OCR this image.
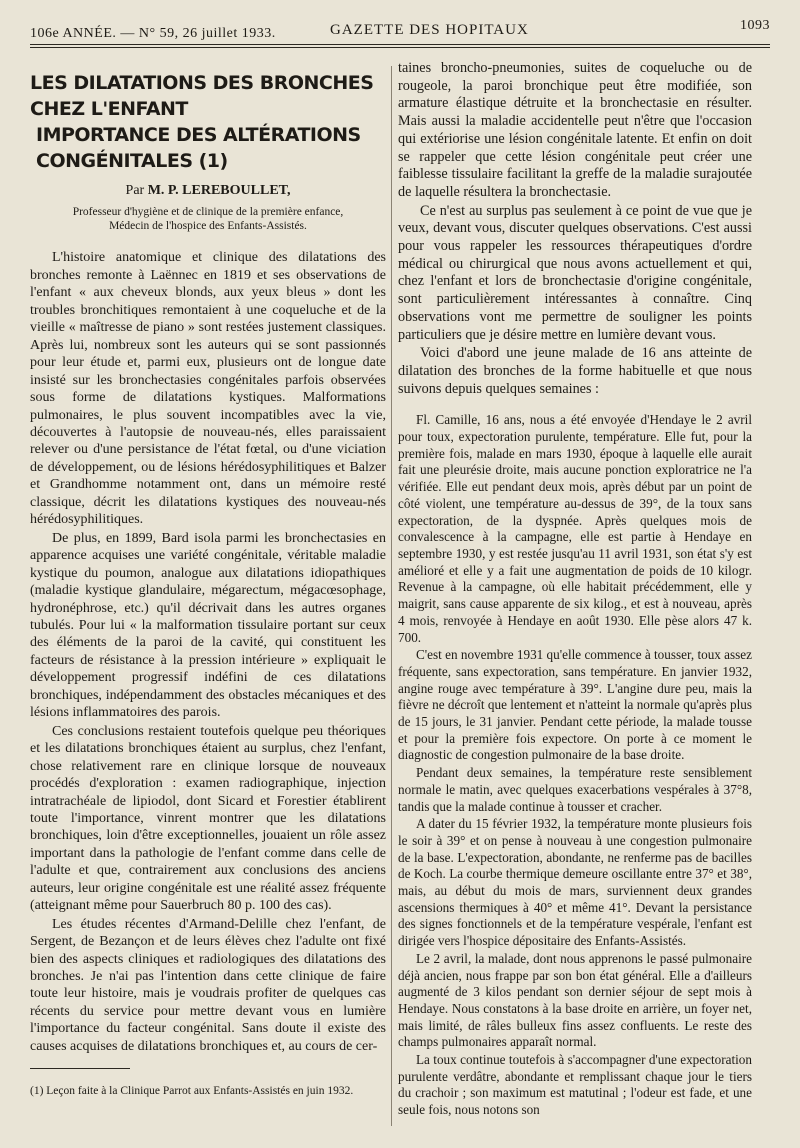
106e ANNÉE. — N° 59, 26 juillet 1933.	GAZETTE DES HOPITAUX	1093
LES DILATATIONS DES BRONCHES CHEZ L'ENFANT
IMPORTANCE DES ALTÉRATIONS CONGÉNITALES (1)
Par M. P. LEREBOULLET,
Professeur d'hygiène et de clinique de la première enfance,
Médecin de l'hospice des Enfants-Assistés.

L'histoire anatomique et clinique des dilatations des bronches remonte à Laënnec en 1819 et ses observations de l'enfant « aux cheveux blonds, aux yeux bleus » dont les troubles bronchitiques remontaient à une coqueluche et de la vieille « maîtresse de piano » sont restées justement classiques. Après lui, nombreux sont les auteurs qui se sont passionnés pour leur étude et, parmi eux, plusieurs ont de longue date insisté sur les bronchectasies congénitales parfois observées sous forme de dilatations kystiques. Malformations pulmonaires, le plus souvent incompatibles avec la vie, découvertes à l'autopsie de nouveau-nés, elles paraissaient relever ou d'une persistance de l'état fœtal, ou d'une viciation de développement, ou de lésions hérédosyphilitiques et Balzer et Grandhomme notamment ont, dans un mémoire resté classique, décrit les dilatations kystiques des nouveau-nés hérédosyphilitiques.

De plus, en 1899, Bard isola parmi les bronchectasies en apparence acquises une variété congénitale, véritable maladie kystique du poumon, analogue aux dilatations idiopathiques (maladie kystique glandulaire, mégarectum, mégacœsophage, hydronéphrose, etc.) qu'il décrivait dans les autres organes tubulés. Pour lui « la malformation tissulaire portant sur ceux des éléments de la paroi de la cavité, qui constituent les facteurs de résistance à la pression intérieure » expliquait le développement progressif indéfini de ces dilatations bronchiques, indépendamment des obstacles mécaniques et des lésions inflammatoires des parois.

Ces conclusions restaient toutefois quelque peu théoriques et les dilatations bronchiques étaient au surplus, chez l'enfant, chose relativement rare en clinique lorsque de nouveaux procédés d'exploration : examen radiographique, injection intratrachéale de lipiodol, dont Sicard et Forestier établirent toute l'importance, vinrent montrer que les dilatations bronchiques, loin d'être exceptionnelles, jouaient un rôle assez important dans la pathologie de l'enfant comme dans celle de l'adulte et que, contrairement aux conclusions des anciens auteurs, leur origine congénitale est une réalité assez fréquente (atteignant même pour Sauerbruch 80 p. 100 des cas).

Les études récentes d'Armand-Delille chez l'enfant, de Sergent, de Bezançon et de leurs élèves chez l'adulte ont fixé bien des aspects cliniques et radiologiques des dilatations des bronches. Je n'ai pas l'intention dans cette clinique de faire toute leur histoire, mais je voudrais profiter de quelques cas récents du service pour mettre devant vous en lumière l'importance du facteur congénital. Sans doute il existe des causes acquises de dilatations bronchiques et, au cours de cer-

taines broncho-pneumonies, suites de coqueluche ou de rougeole, la paroi bronchique peut être modifiée, son armature élastique détruite et la bronchectasie en résulter. Mais aussi la maladie accidentelle peut n'être que l'occasion qui extériorise une lésion congénitale latente. Et enfin on doit se rappeler que cette lésion congénitale peut créer une faiblesse tissulaire facilitant la greffe de la maladie surajoutée de laquelle résultera la bronchectasie.

Ce n'est au surplus pas seulement à ce point de vue que je veux, devant vous, discuter quelques observations. C'est aussi pour vous rappeler les ressources thérapeutiques d'ordre médical ou chirurgical que nous avons actuellement et qui, chez l'enfant et lors de bronchectasie d'origine congénitale, sont particulièrement intéressantes à connaître. Cinq observations vont me permettre de souligner les points particuliers que je désire mettre en lumière devant vous.

Voici d'abord une jeune malade de 16 ans atteinte de dilatation des bronches de la forme habituelle et que nous suivons depuis quelques semaines :

Fl. Camille, 16 ans, nous a été envoyée d'Hendaye le 2 avril pour toux, expectoration purulente, température. Elle fut, pour la première fois, malade en mars 1930, époque à laquelle elle aurait fait une pleurésie droite, mais aucune ponction exploratrice ne l'a vérifiée. Elle eut pendant deux mois, après début par un point de côté violent, une température au-dessus de 39°, de la toux sans expectoration, de la dyspnée. Après quelques mois de convalescence à la campagne, elle est partie à Hendaye en septembre 1930, y est restée jusqu'au 11 avril 1931, son état s'y est amélioré et elle y a fait une augmentation de poids de 10 kilogr. Revenue à la campagne, où elle habitait précédemment, elle y maigrit, sans cause apparente de six kilog., et est à nouveau, après 4 mois, renvoyée à Hendaye en août 1930. Elle pèse alors 47 k. 700.

C'est en novembre 1931 qu'elle commence à tousser, toux assez fréquente, sans expectoration, sans température. En janvier 1932, angine rouge avec température à 39°. L'angine dure peu, mais la fièvre ne décroît que lentement et n'atteint la normale qu'après plus de 15 jours, le 31 janvier. Pendant cette période, la malade tousse et pour la première fois expectore. On porte à ce moment le diagnostic de congestion pulmonaire de la base droite.

Pendant deux semaines, la température reste sensiblement normale le matin, avec quelques exacerbations vespérales à 37°8, tandis que la malade continue à tousser et cracher.

A dater du 15 février 1932, la température monte plusieurs fois le soir à 39° et on pense à nouveau à une congestion pulmonaire de la base. L'expectoration, abondante, ne renferme pas de bacilles de Koch. La courbe thermique demeure oscillante entre 37° et 38°, mais, au début du mois de mars, surviennent deux grandes ascensions thermiques à 40° et même 41°. Devant la persistance des signes fonctionnels et de la température vespérale, l'enfant est dirigée vers l'hospice dépositaire des Enfants-Assistés.

Le 2 avril, la malade, dont nous apprenons le passé pulmonaire déjà ancien, nous frappe par son bon état général. Elle a d'ailleurs augmenté de 3 kilos pendant son dernier séjour de sept mois à Hendaye. Nous constatons à la base droite en arrière, un foyer net, mais limité, de râles bulleux fins assez confluents. Le reste des champs pulmonaires apparaît normal.

La toux continue toutefois à s'accompagner d'une expectoration purulente verdâtre, abondante et remplissant chaque jour le tiers du crachoir ; son maximum est matutinal ; l'odeur est fade, et une seule fois, nous notons son

(1) Leçon faite à la Clinique Parrot aux Enfants-Assistés en juin 1932.
